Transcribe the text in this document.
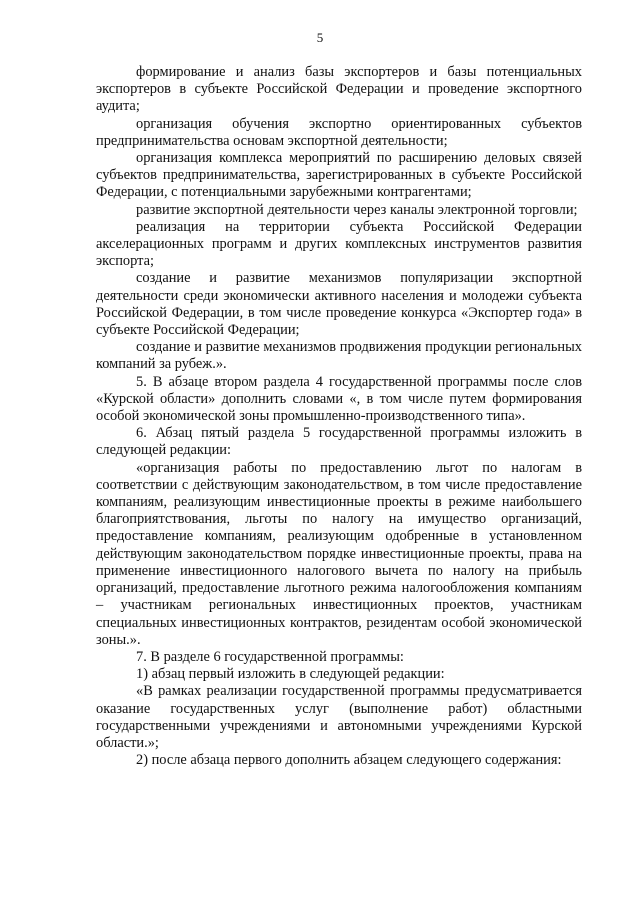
5

формирование и анализ базы экспортеров и базы потенциальных экспортеров в субъекте Российской Федерации и проведение экспортного аудита;

организация обучения экспортно ориентированных субъектов предпринимательства основам экспортной деятельности;

организация комплекса мероприятий по расширению деловых связей субъектов предпринимательства, зарегистрированных в субъекте Российской Федерации, с потенциальными зарубежными контрагентами;

развитие экспортной деятельности через каналы электронной торговли;

реализация на территории субъекта Российской Федерации акселерационных программ и других комплексных инструментов развития экспорта;

создание и развитие механизмов популяризации экспортной деятельности среди экономически активного населения и молодежи субъекта Российской Федерации, в том числе проведение конкурса «Экспортер года» в субъекте Российской Федерации;

создание и развитие механизмов продвижения продукции региональных компаний за рубеж.».

5. В абзаце втором раздела 4 государственной программы после слов «Курской области» дополнить словами «, в том числе путем формирования особой экономической зоны промышленно-производственного типа».

6. Абзац пятый раздела 5 государственной программы изложить в следующей редакции:

«организация работы по предоставлению льгот по налогам в соответствии с действующим законодательством, в том числе предоставление компаниям, реализующим инвестиционные проекты в режиме наибольшего благоприятствования, льготы по налогу на имущество организаций, предоставление компаниям, реализующим одобренные в установленном действующим законодательством порядке инвестиционные проекты, права на применение инвестиционного налогового вычета по налогу на прибыль организаций, предоставление льготного режима налогообложения компаниям – участникам региональных инвестиционных проектов, участникам специальных инвестиционных контрактов, резидентам особой экономической зоны.».

7. В разделе 6 государственной программы:

1) абзац первый изложить в следующей редакции:

«В рамках реализации государственной программы предусматривается оказание государственных услуг (выполнение работ) областными государственными учреждениями и автономными учреждениями Курской области.»;

2) после абзаца первого дополнить абзацем следующего содержания:
